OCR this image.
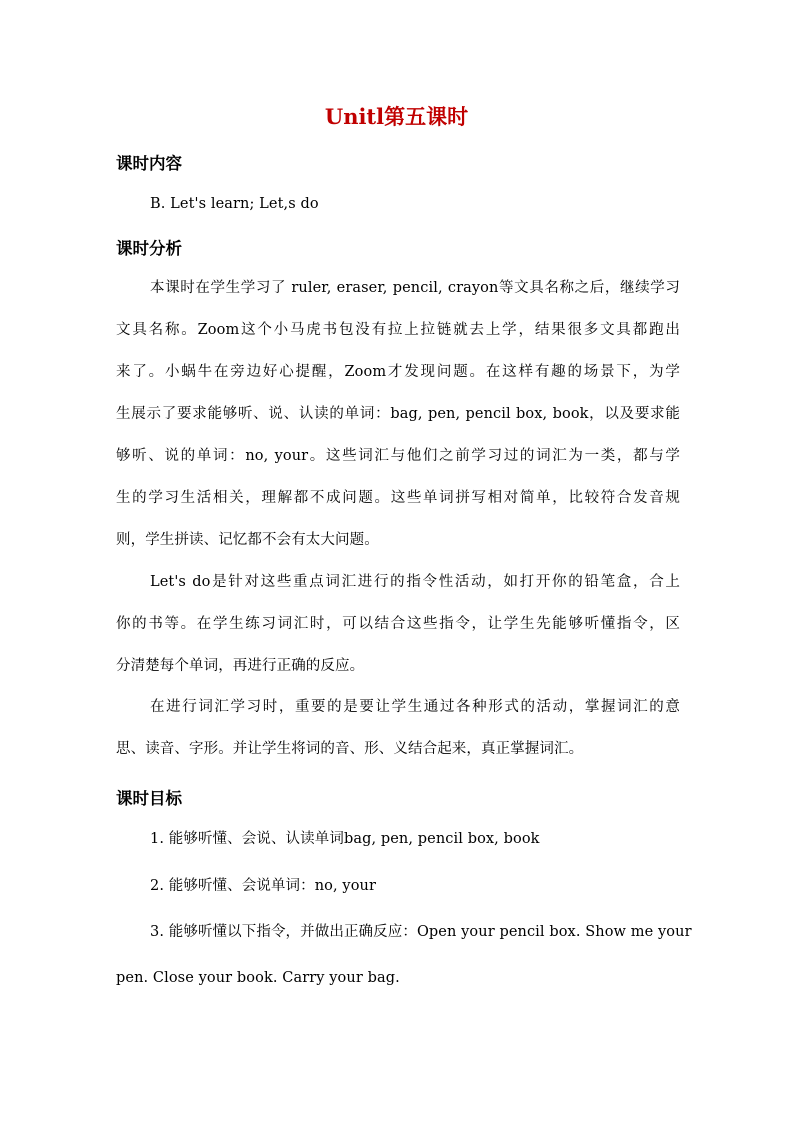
Unitl第五课时
课时内容
B. Let's learn; Let,s do
课时分析
本课时在学生学习了 ruler, eraser, pencil, crayon等文具名称之后，继续学习
文具名称。Zoom这个小马虎书包没有拉上拉链就去上学，结果很多文具都跑出
来了。小蜗牛在旁边好心提醒，Zoom才发现问题。在这样有趣的场景下，为学
生展示了要求能够听、说、认读的单词：bag, pen, pencil box, book，以及要求能
够听、说的单词：no, your。这些词汇与他们之前学习过的词汇为一类，都与学
生的学习生活相关，理解都不成问题。这些单词拼写相对简单，比较符合发音规
则，学生拼读、记忆都不会有太大问题。
Let's do是针对这些重点词汇进行的指令性活动，如打开你的铅笔盒，合上
你的书等。在学生练习词汇时，可以结合这些指令，让学生先能够听懂指令，区
分清楚每个单词，再进行正确的反应。
在进行词汇学习时，重要的是要让学生通过各种形式的活动，掌握词汇的意
思、读音、字形。并让学生将词的音、形、义结合起来，真正掌握词汇。
课时目标
1. 能够听懂、会说、认读单词bag, pen, pencil box, book
2. 能够听懂、会说单词：no, your
3. 能够听懂以下指令，并做出正确反应：Open your pencil box. Show me your
pen. Close your book. Carry your bag.
